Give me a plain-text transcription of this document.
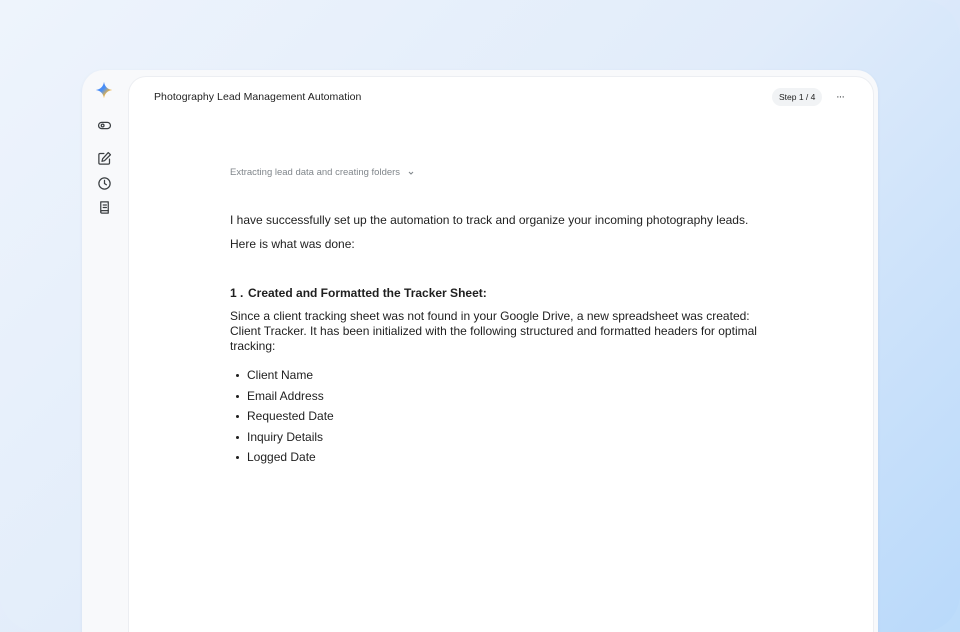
Photography Lead Management Automation	Step 1 / 4	···
Extracting lead data and creating folders
I have successfully set up the automation to track and organize your incoming photography leads.
Here is what was done:
1 . Created and Formatted the Tracker Sheet:
Since a client tracking sheet was not found in your Google Drive, a new spreadsheet was created: Client Tracker. It has been initialized with the following structured and formatted headers for optimal tracking:
Client Name
Email Address
Requested Date
Inquiry Details
Logged Date
